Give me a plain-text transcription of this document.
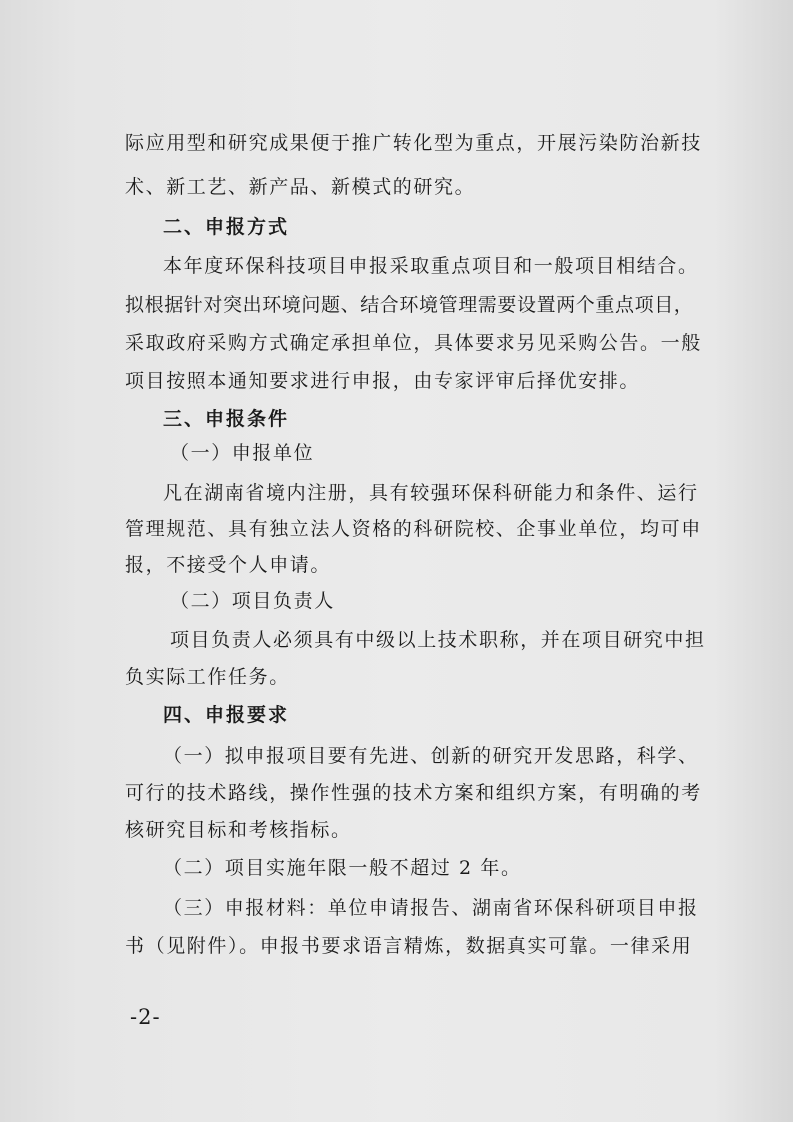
际应用型和研究成果便于推广转化型为重点，开展污染防治新技
术、新工艺、新产品、新模式的研究。
二、申报方式
本年度环保科技项目申报采取重点项目和一般项目相结合。
拟根据针对突出环境问题、结合环境管理需要设置两个重点项目，
采取政府采购方式确定承担单位，具体要求另见采购公告。一般
项目按照本通知要求进行申报，由专家评审后择优安排。
三、申报条件
（一）申报单位
凡在湖南省境内注册，具有较强环保科研能力和条件、运行
管理规范、具有独立法人资格的科研院校、企事业单位，均可申
报，不接受个人申请。
（二）项目负责人
项目负责人必须具有中级以上技术职称，并在项目研究中担
负实际工作任务。
四、申报要求
（一）拟申报项目要有先进、创新的研究开发思路，科学、
可行的技术路线，操作性强的技术方案和组织方案，有明确的考
核研究目标和考核指标。
（二）项目实施年限一般不超过 2 年。
（三）申报材料：单位申请报告、湖南省环保科研项目申报
书（见附件）。申报书要求语言精炼，数据真实可靠。一律采用
-2-
